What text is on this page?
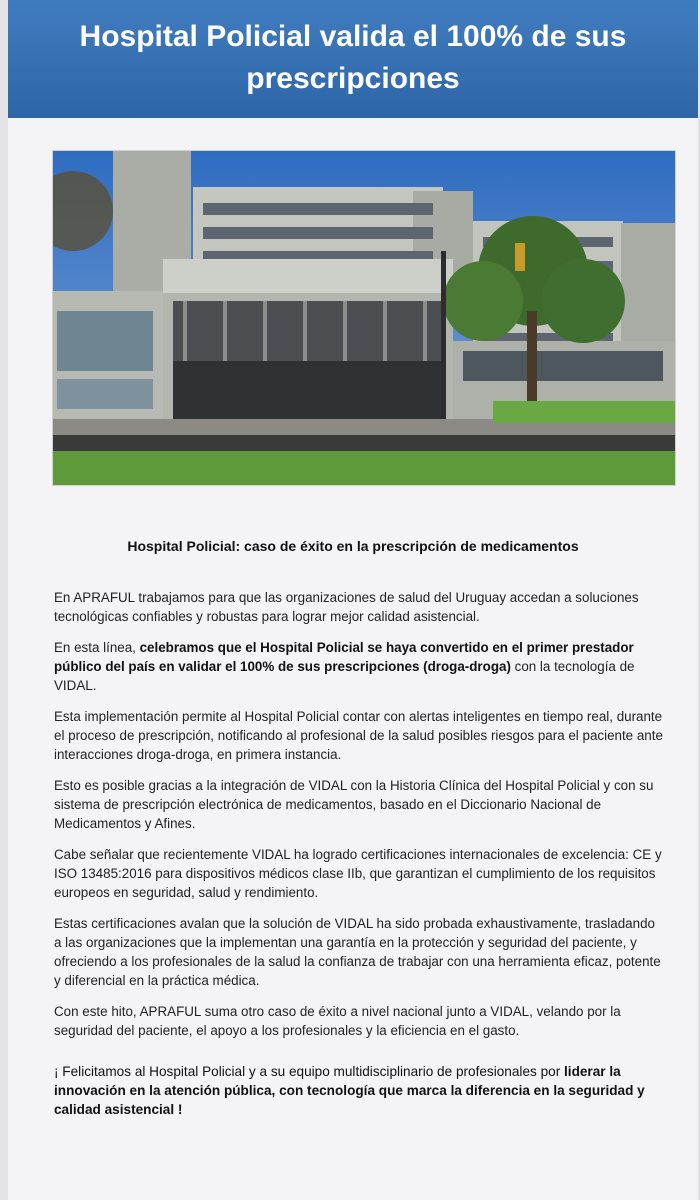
Hospital Policial valida el 100% de sus prescripciones
Hospital Policial: caso de éxito en la prescripción de medicamentos

En APRAFUL trabajamos para que las organizaciones de salud del Uruguay accedan a soluciones tecnológicas confiables y robustas para lograr mejor calidad asistencial.

En esta línea, celebramos que el Hospital Policial se haya convertido en el primer prestador público del país en validar el 100% de sus prescripciones (droga-droga) con la tecnología de VIDAL.

Esta implementación permite al Hospital Policial contar con alertas inteligentes en tiempo real, durante el proceso de prescripción, notificando al profesional de la salud posibles riesgos para el paciente ante interacciones droga-droga, en primera instancia.

Esto es posible gracias a la integración de VIDAL con la Historia Clínica del Hospital Policial y con su sistema de prescripción electrónica de medicamentos, basado en el Diccionario Nacional de Medicamentos y Afines.

Cabe señalar que recientemente VIDAL ha logrado certificaciones internacionales de excelencia: CE y ISO 13485:2016 para dispositivos médicos clase IIb, que garantizan el cumplimiento de los requisitos europeos en seguridad, salud y rendimiento.

Estas certificaciones avalan que la solución de VIDAL ha sido probada exhaustivamente, trasladando a las organizaciones que la implementan una garantía en la protección y seguridad del paciente, y ofreciendo a los profesionales de la salud la confianza de trabajar con una herramienta eficaz, potente y diferencial en la práctica médica.

Con este hito, APRAFUL suma otro caso de éxito a nivel nacional junto a VIDAL, velando por la seguridad del paciente, el apoyo a los profesionales y la eficiencia en el gasto.

¡ Felicitamos al Hospital Policial y a su equipo multidisciplinario de profesionales por liderar la innovación en la atención pública, con tecnología que marca la diferencia en la seguridad y calidad asistencial !
